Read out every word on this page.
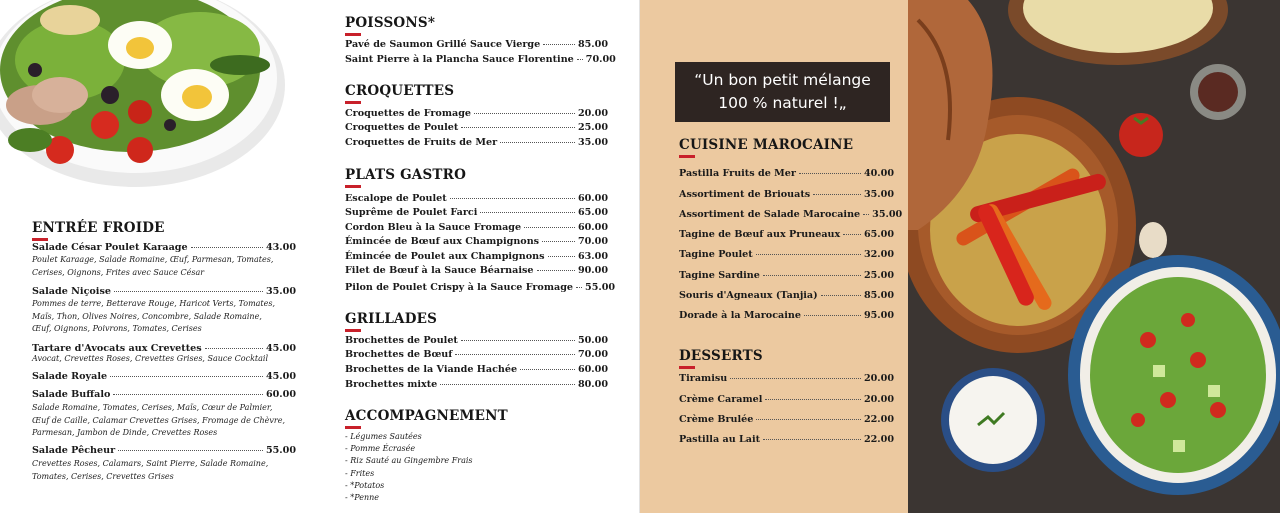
ENTRÉE FROIDE
Salade César Poulet Karaage	43.00
Poulet Karaage, Salade Romaine, Œuf, Parmesan, Tomates,
Cerises, Oignons, Frites avec Sauce César
Salade Niçoise	35.00
Pommes de terre, Betterave Rouge, Haricot Verts, Tomates,
Maïs, Thon, Olives Noires, Concombre, Salade Romaine,
Œuf, Oignons, Poivrons, Tomates, Cerises
Tartare d'Avocats aux Crevettes	45.00
Avocat, Crevettes Roses, Crevettes Grises, Sauce Cocktail
Salade Royale	45.00
Salade Buffalo	60.00
Salade Romaine, Tomates, Cerises, Maïs, Cœur de Palmier,
Œuf de Caille, Calamar Crevettes Grises, Fromage de Chèvre,
Parmesan, Jambon de Dinde, Crevettes Roses
Salade Pêcheur	55.00
Crevettes Roses, Calamars, Saint Pierre, Salade Romaine,
Tomates, Cerises, Crevettes Grises
POISSONS*
Pavé de Saumon Grillé Sauce Vierge	85.00
Saint Pierre à la Plancha Sauce Florentine 70.00
CROQUETTES
Croquettes de Fromage	20.00
Croquettes de Poulet	25.00
Croquettes de Fruits de Mer	35.00
PLATS GASTRO
Escalope de Poulet	60.00
Suprême de Poulet Farci	65.00
Cordon Bleu à la Sauce Fromage	60.00
Émincée de Bœuf aux Champignons	70.00
Émincée de Poulet aux Champignons	63.00
Filet de Bœuf à la Sauce Béarnaise	90.00
Pilon de Poulet Crispy à la Sauce Fromage 55.00
GRILLADES
Brochettes de Poulet	50.00
Brochettes de Bœuf	70.00
Brochettes de la Viande Hachée	60.00
Brochettes mixte	80.00
ACCOMPAGNEMENT
- Légumes Sautées
- Pomme Écrasée
- Riz Sauté au Gingembre Frais
- Frites
- *Potatos
- *Penne
“Un bon petit mélange
100 % naturel !„
CUISINE MAROCAINE
Pastilla Fruits de Mer	40.00
Assortiment de Briouats	35.00
Assortiment de Salade Marocaine 35.00
Tagine de Bœuf aux Pruneaux 65.00
Tagine Poulet	32.00
Tagine Sardine	25.00
Souris d'Agneaux (Tanjia)	85.00
Dorade à la Marocaine	95.00
DESSERTS
Tiramisu	20.00
Crème Caramel	20.00
Crème Brulée	22.00
Pastilla au Lait	22.00
